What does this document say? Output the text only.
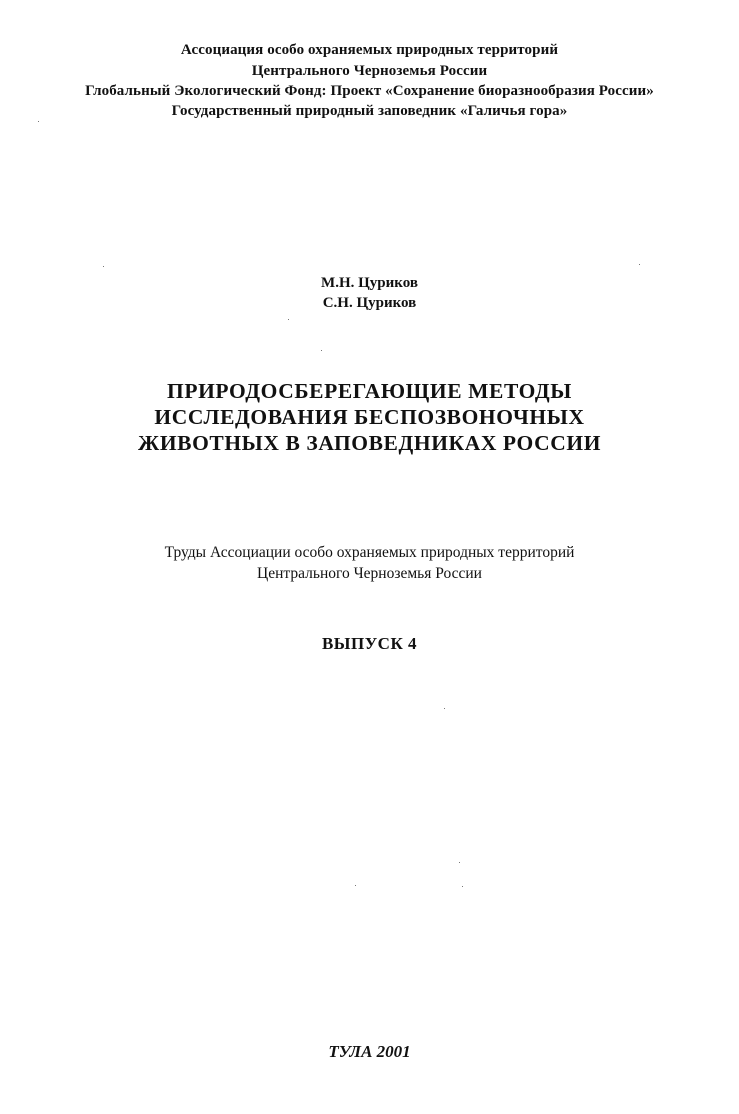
Ассоциация особо охраняемых природных территорий
Центрального Черноземья России
Глобальный Экологический Фонд: Проект «Сохранение биоразнообразия России»
Государственный природный заповедник «Галичья гора»
М.Н. Цуриков
С.Н. Цуриков
ПРИРОДОСБЕРЕГАЮЩИЕ МЕТОДЫ
ИССЛЕДОВАНИЯ БЕСПОЗВОНОЧНЫХ
ЖИВОТНЫХ В ЗАПОВЕДНИКАХ РОССИИ
Труды Ассоциации особо охраняемых природных территорий
Центрального Черноземья России
ВЫПУСК 4
ТУЛА 2001
